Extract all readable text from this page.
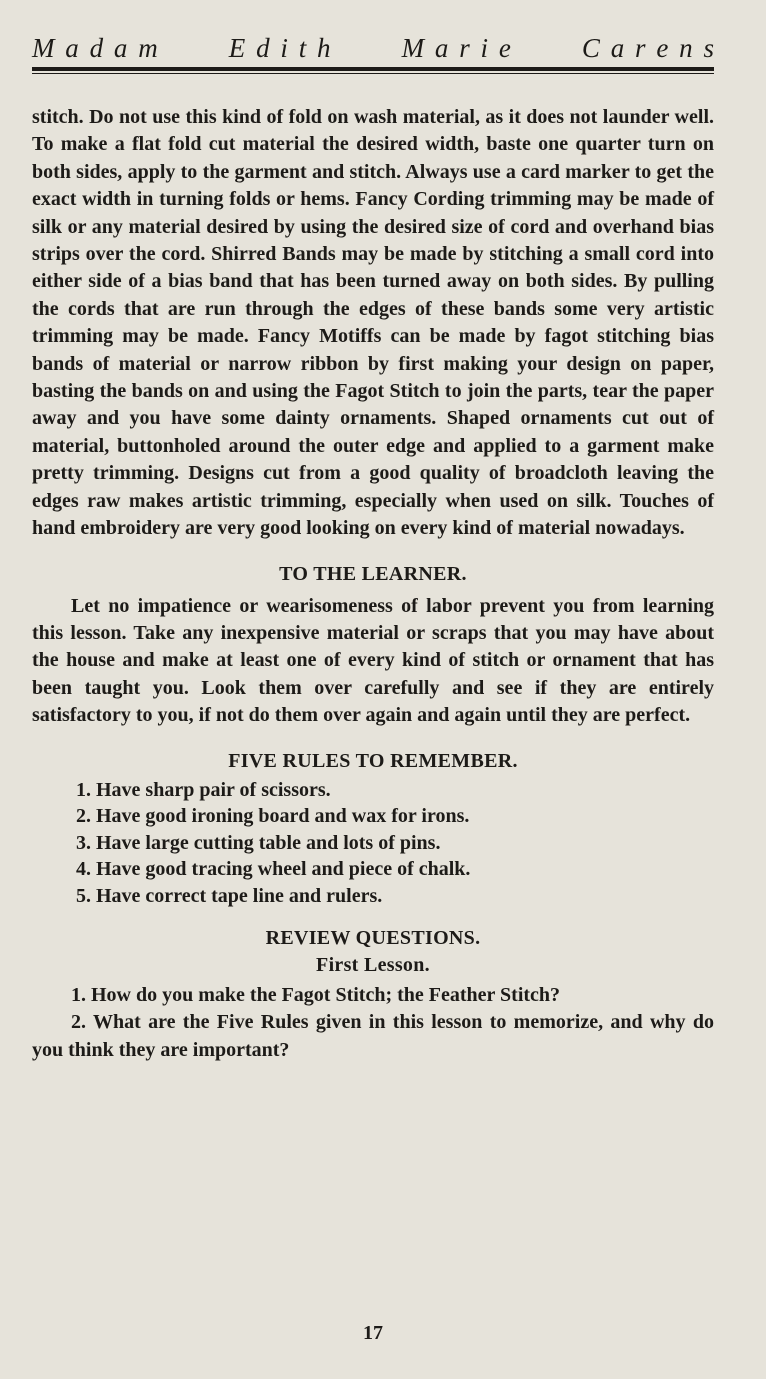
M  a  d  a  m	E  d  i  t  h	M  a  r  i  e	C  a  r  e  n  s

stitch. Do not use this kind of fold on wash material, as it does not launder well. To make a flat fold cut material the desired width, baste one quarter turn on both sides, apply to the garment and stitch. Always use a card marker to get the exact width in turning folds or hems. Fancy Cording trimming may be made of silk or any material desired by using the desired size of cord and overhand bias strips over the cord. Shirred Bands may be made by stitching a small cord into either side of a bias band that has been turned away on both sides. By pulling the cords that are run through the edges of these bands some very artistic trimming may be made. Fancy Motiffs can be made by fagot stitching bias bands of material or narrow ribbon by first making your design on paper, basting the bands on and using the Fagot Stitch to join the parts, tear the paper away and you have some dainty ornaments. Shaped ornaments cut out of material, buttonholed around the outer edge and applied to a garment make pretty trimming. Designs cut from a good quality of broadcloth leaving the edges raw makes artistic trimming, especially when used on silk. Touches of hand embroidery are very good looking on every kind of material nowadays.

TO THE LEARNER.

Let no impatience or wearisomeness of labor prevent you from learning this lesson. Take any inexpensive material or scraps that you may have about the house and make at least one of every kind of stitch or ornament that has been taught you. Look them over carefully and see if they are entirely satisfactory to you, if not do them over again and again until they are perfect.

FIVE RULES TO REMEMBER.
1. Have sharp pair of scissors.
2. Have good ironing board and wax for irons.
3. Have large cutting table and lots of pins.
4. Have good tracing wheel and piece of chalk.
5. Have correct tape line and rulers.
REVIEW QUESTIONS.
First Lesson.

1. How do you make the Fagot Stitch; the Feather Stitch?

2. What are the Five Rules given in this lesson to memorize, and why do you think they are important?

17
